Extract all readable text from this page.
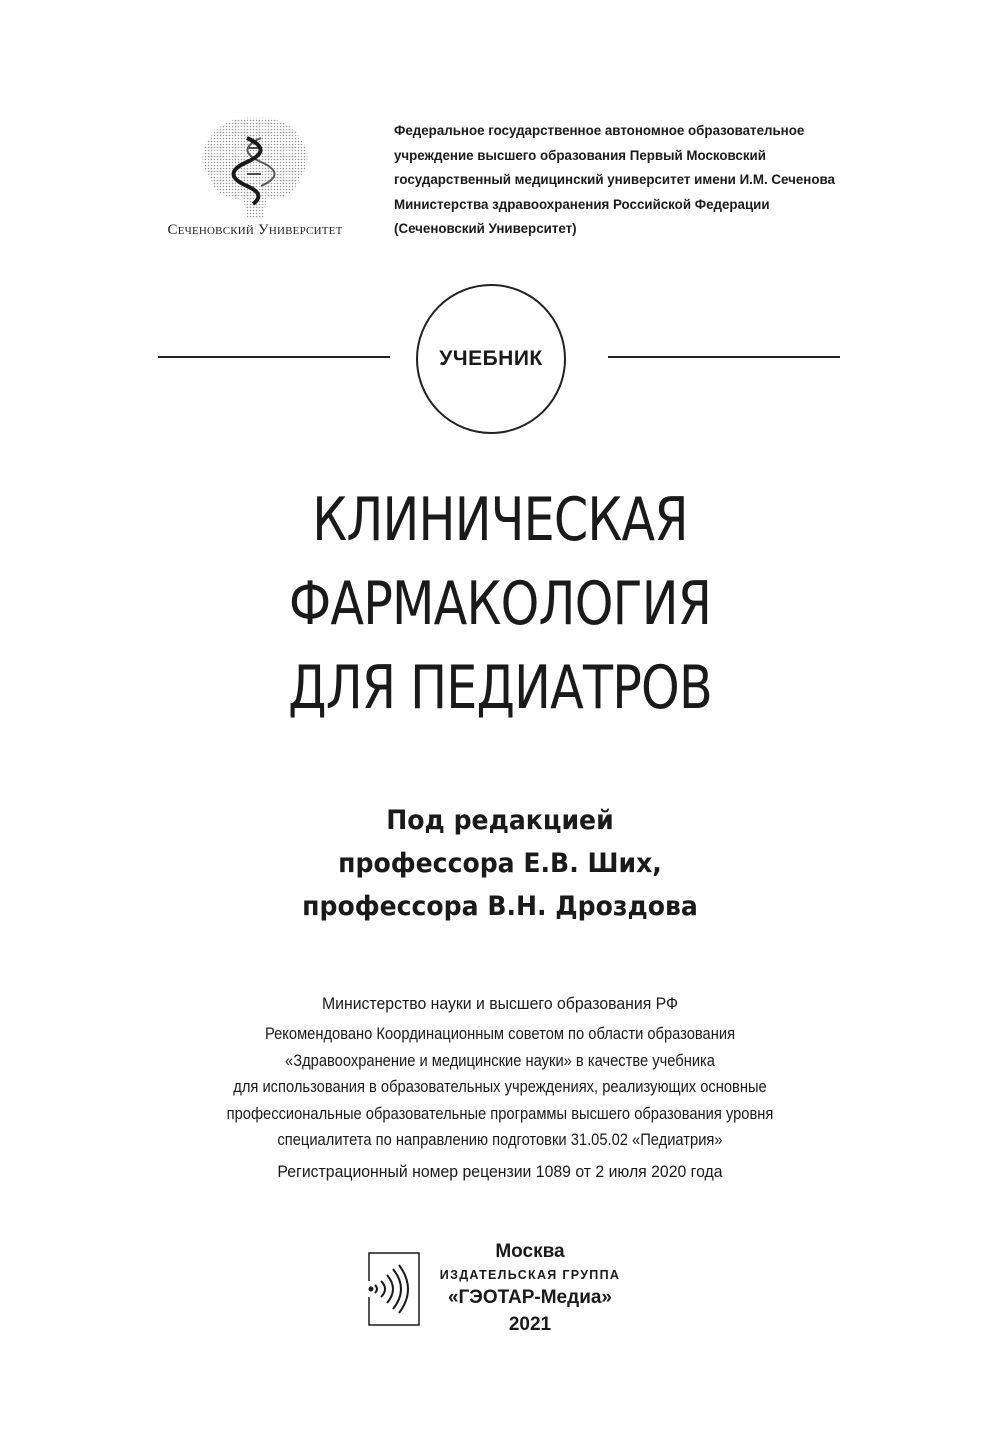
Сеченовский Университет
Федеральное государственное автономное образовательное
учреждение высшего образования Первый Московский
государственный медицинский университет имени И.М. Сеченова
Министерства здравоохранения Российской Федерации
(Сеченовский Университет)
УЧЕБНИК
КЛИНИЧЕСКАЯ
ФАРМАКОЛОГИЯ
ДЛЯ ПЕДИАТРОВ
Под редакцией
профессора Е.В. Ших,
профессора В.Н. Дроздова
Министерство науки и высшего образования РФ
Рекомендовано Координационным советом по области образования
«Здравоохранение и медицинские науки» в качестве учебника
для использования в образовательных учреждениях, реализующих основные
профессиональные образовательные программы высшего образования уровня
специалитета по направлению подготовки 31.05.02 «Педиатрия»
Регистрационный номер рецензии 1089 от 2 июля 2020 года
Москва
ИЗДАТЕЛЬСКАЯ ГРУППА
«ГЭОТАР-Медиа»
2021
